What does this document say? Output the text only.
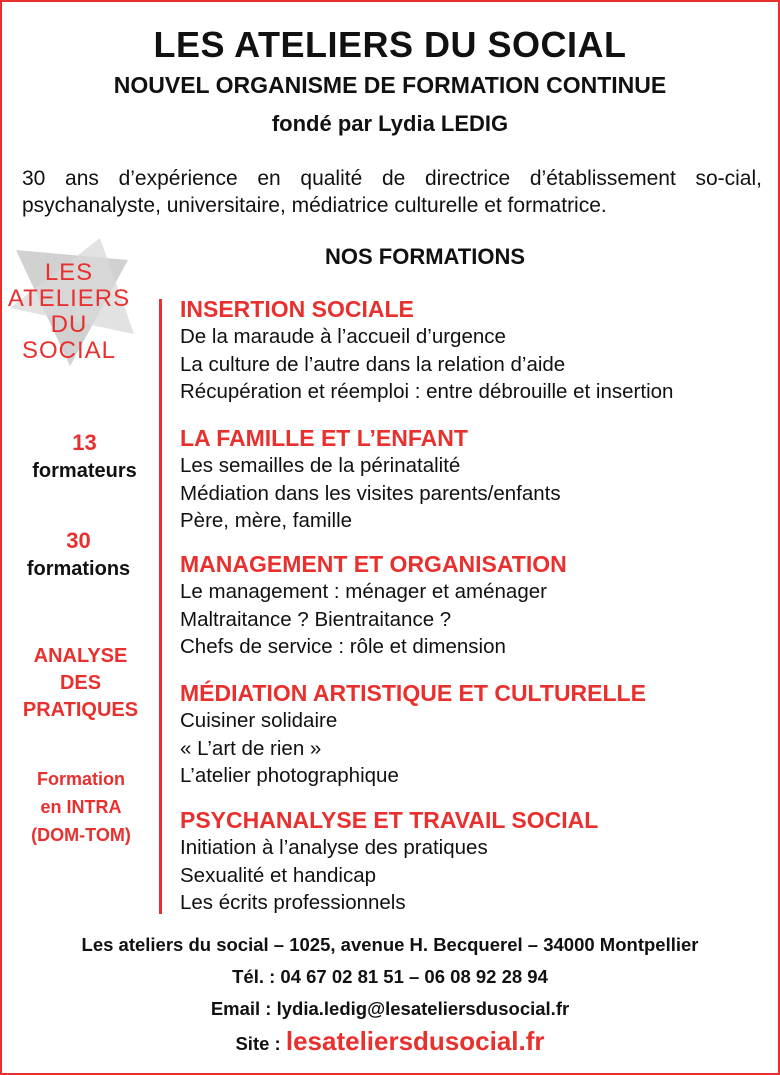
LES ATELIERS DU SOCIAL
NOUVEL ORGANISME DE FORMATION CONTINUE
fondé par Lydia LEDIG

30 ans d’expérience en qualité de directrice d’établissement so-cial, psychanalyste, universitaire, médiatrice culturelle et formatrice.

NOS FORMATIONS
LES
ATELIERS
DU SOCIAL
13
formateurs
30
formations
ANALYSE
DES
PRATIQUES
Formation
en INTRA
(DOM-TOM)
INSERTION SOCIALE
De la maraude à l’accueil d’urgence
La culture de l’autre dans la relation d’aide
Récupération et réemploi : entre débrouille et insertion
LA FAMILLE ET L’ENFANT
Les semailles de la périnatalité
Médiation dans les visites parents/enfants
Père, mère, famille
MANAGEMENT ET ORGANISATION
Le management : ménager et aménager
Maltraitance ? Bientraitance ?
Chefs de service : rôle et dimension
MÉDIATION ARTISTIQUE ET CULTURELLE
Cuisiner solidaire
« L’art de rien »
L’atelier photographique
PSYCHANALYSE ET TRAVAIL SOCIAL
Initiation à l’analyse des pratiques
Sexualité et handicap
Les écrits professionnels
Les ateliers du social – 1025, avenue H. Becquerel – 34000 Montpellier
Tél. : 04 67 02 81 51 – 06 08 92 28 94
Email : lydia.ledig@lesateliersdusocial.fr
Site : lesateliersdusocial.fr
